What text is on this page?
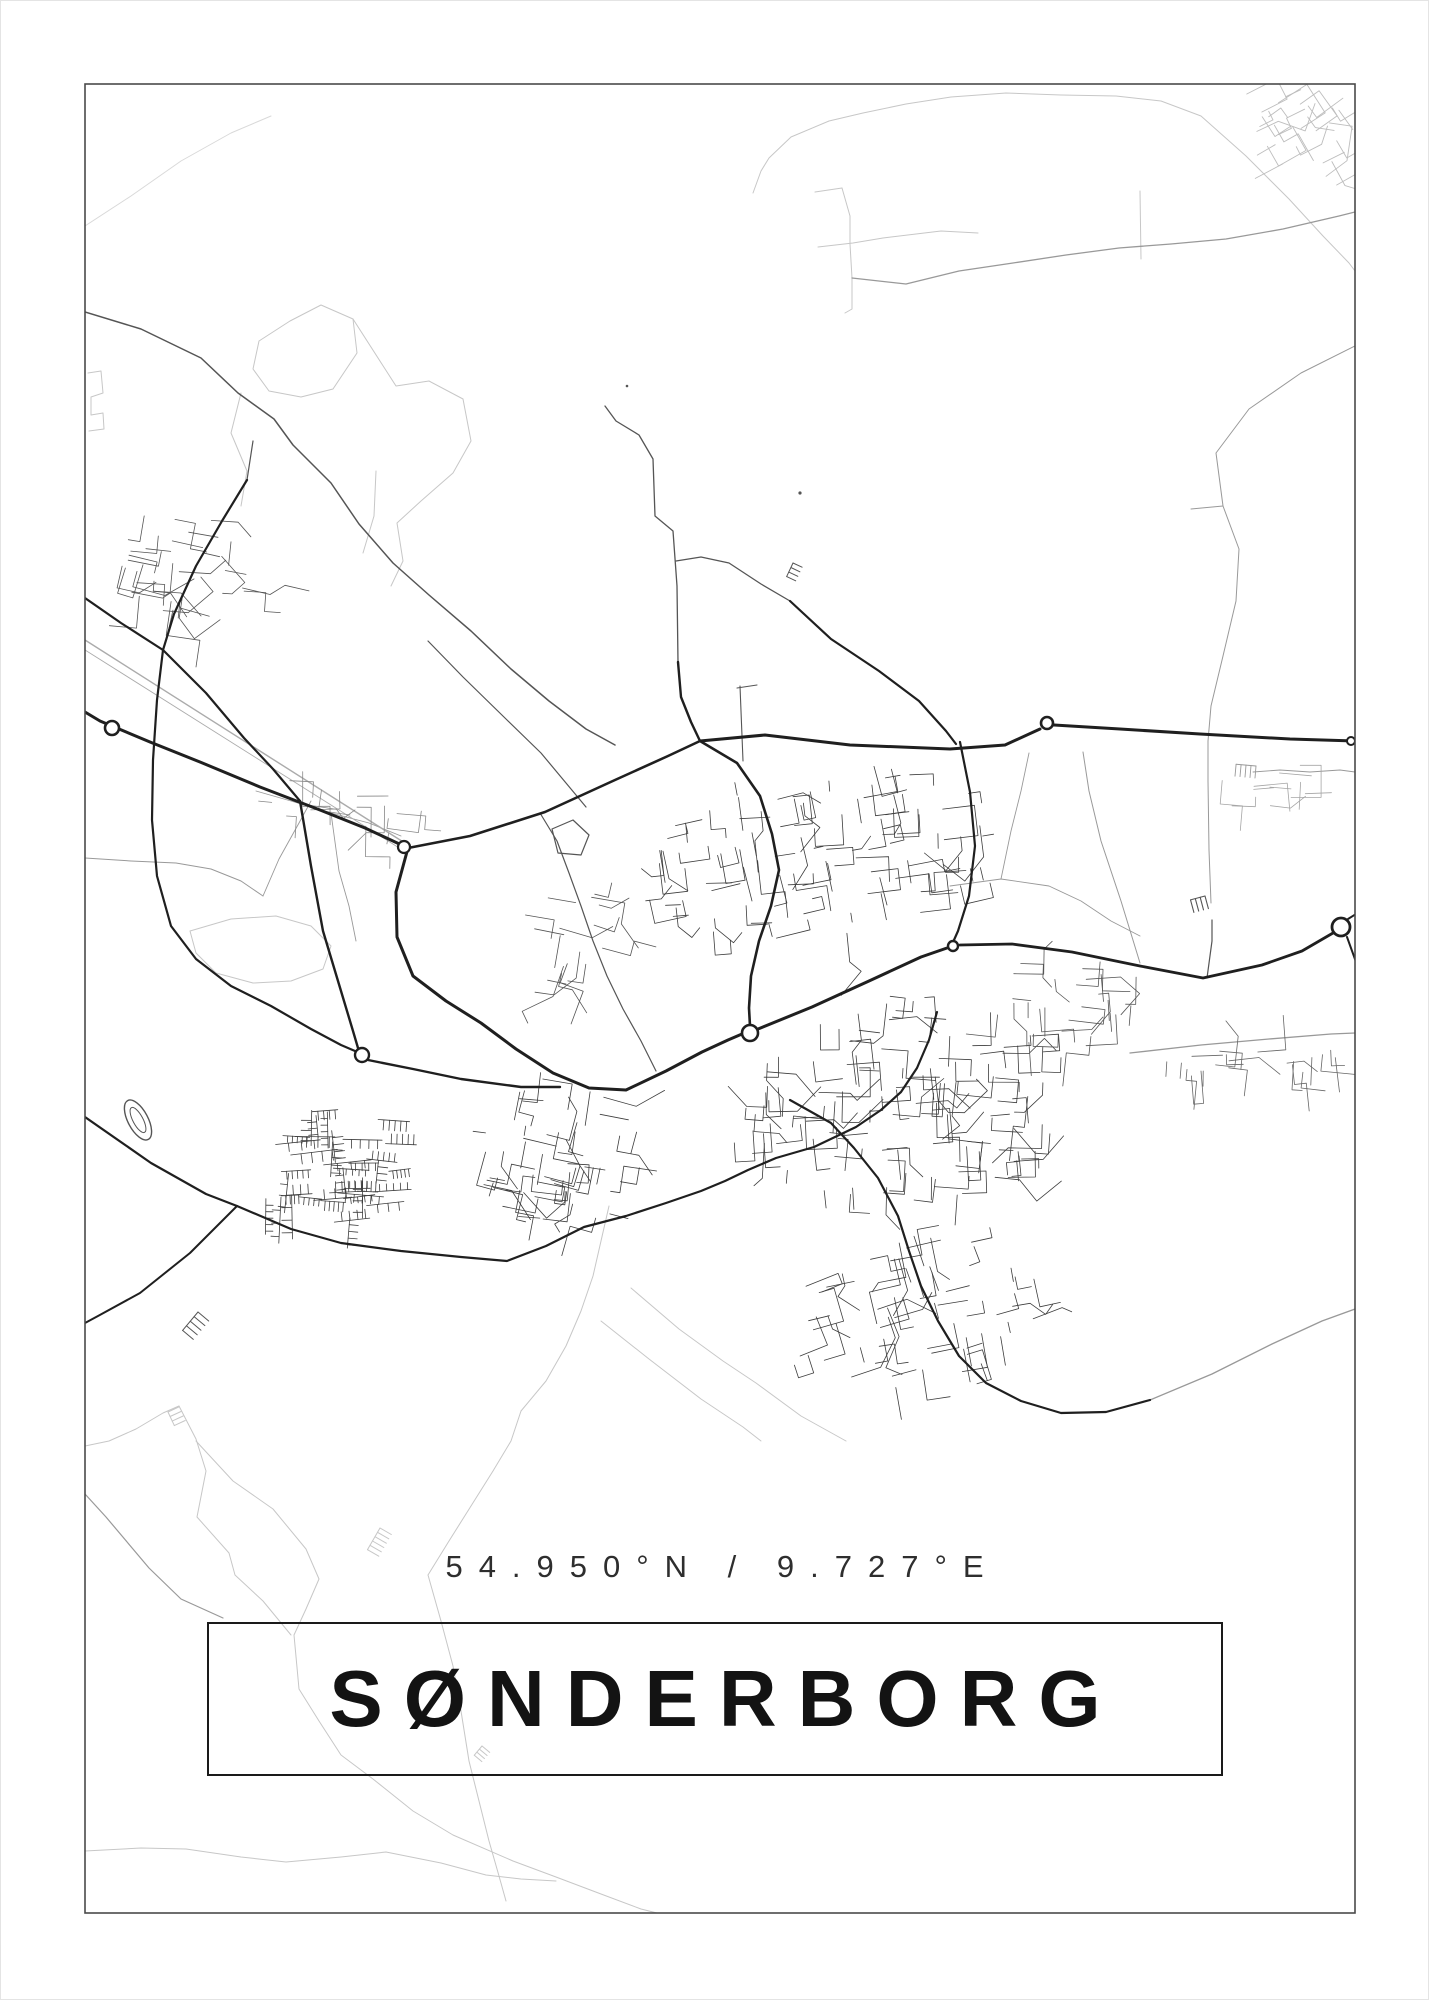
54.950°N / 9.727°E
SØNDERBORG
